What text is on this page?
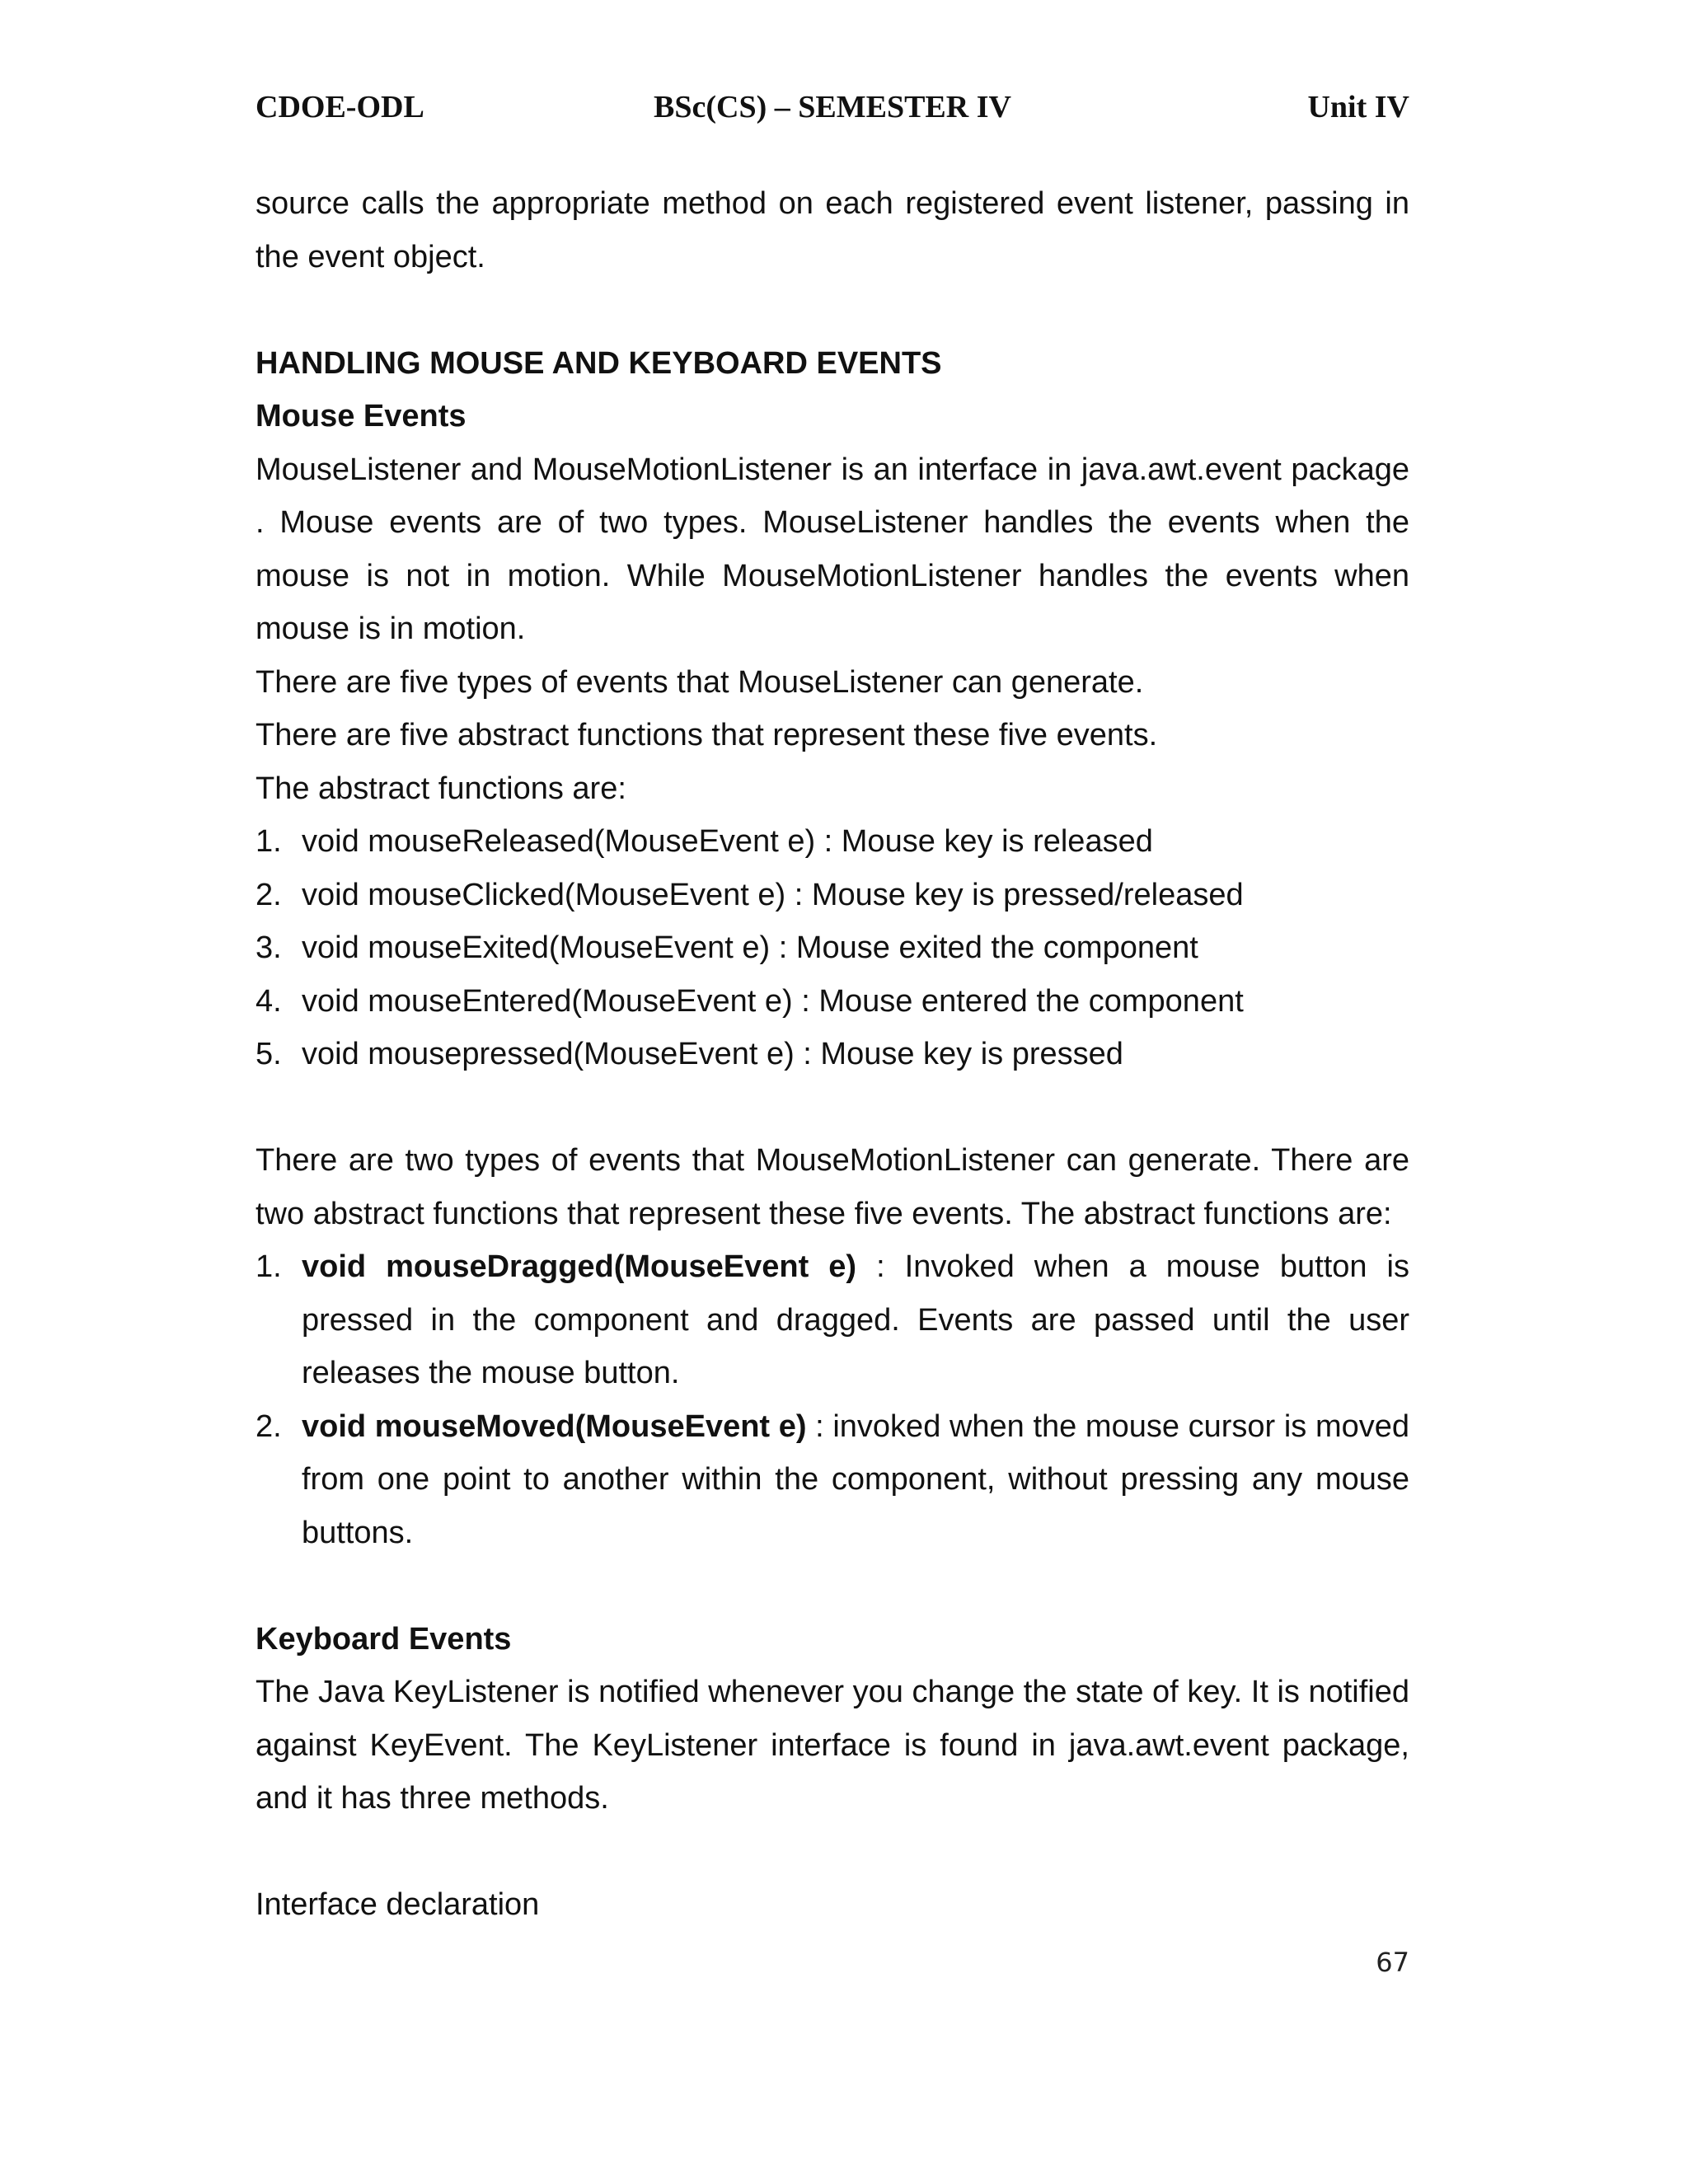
CDOE-ODL	BSc(CS) – SEMESTER IV	Unit IV

source calls the appropriate method on each registered event listener, passing in the event object.

HANDLING MOUSE AND KEYBOARD EVENTS

Mouse Events

MouseListener and MouseMotionListener is an interface in java.awt.event package . Mouse events are of two types. MouseListener handles the events when the mouse is not in motion. While MouseMotionListener handles the events when mouse is in motion.

There are five types of events that MouseListener can generate.

There are five abstract functions that represent these five events.

The abstract functions are:

1. void mouseReleased(MouseEvent e) : Mouse key is released
2. void mouseClicked(MouseEvent e) : Mouse key is pressed/released
3. void mouseExited(MouseEvent e) : Mouse exited the component
4. void mouseEntered(MouseEvent e) : Mouse entered the component
5. void mousepressed(MouseEvent e) : Mouse key is pressed

There are two types of events that MouseMotionListener can generate. There are two abstract functions that represent these five events. The abstract functions are:

1. void mouseDragged(MouseEvent e) : Invoked when a mouse button is pressed in the component and dragged. Events are passed until the user releases the mouse button.
2. void mouseMoved(MouseEvent e) : invoked when the mouse cursor is moved from one point to another within the component, without pressing any mouse buttons.

Keyboard Events

The Java KeyListener is notified whenever you change the state of key. It is notified against KeyEvent. The KeyListener interface is found in java.awt.event package, and it has three methods.

Interface declaration

67
